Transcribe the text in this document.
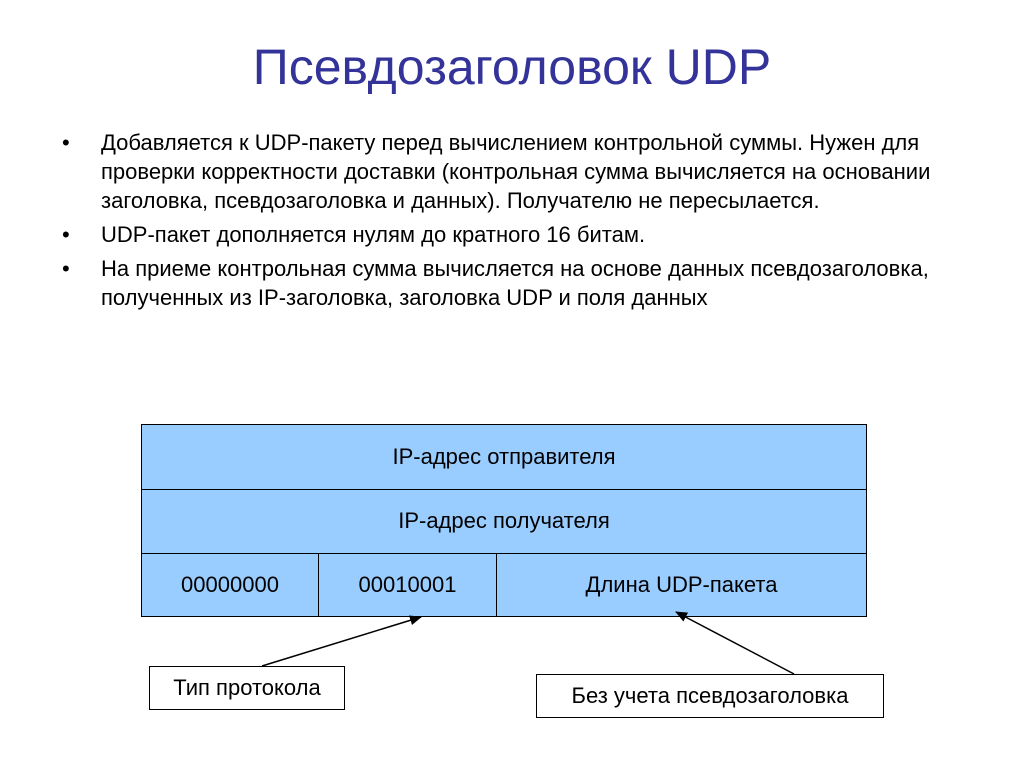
Псевдозаголовок UDP
• Добавляется к UDP-пакету перед вычислением контрольной суммы. Нужен для проверки корректности доставки (контрольная сумма вычисляется на основании заголовка, псевдозаголовка и данных). Получателю не пересылается.
• UDP-пакет дополняется нулям до кратного 16 битам.
• На приеме контрольная сумма вычисляется на основе данных псевдозаголовка, полученных из IP-заголовка, заголовка UDP и поля данных
IP-адрес отправителя
IP-адрес получателя
00000000	00010001	Длина UDP-пакета
Тип протокола	Без учета псевдозаголовка
